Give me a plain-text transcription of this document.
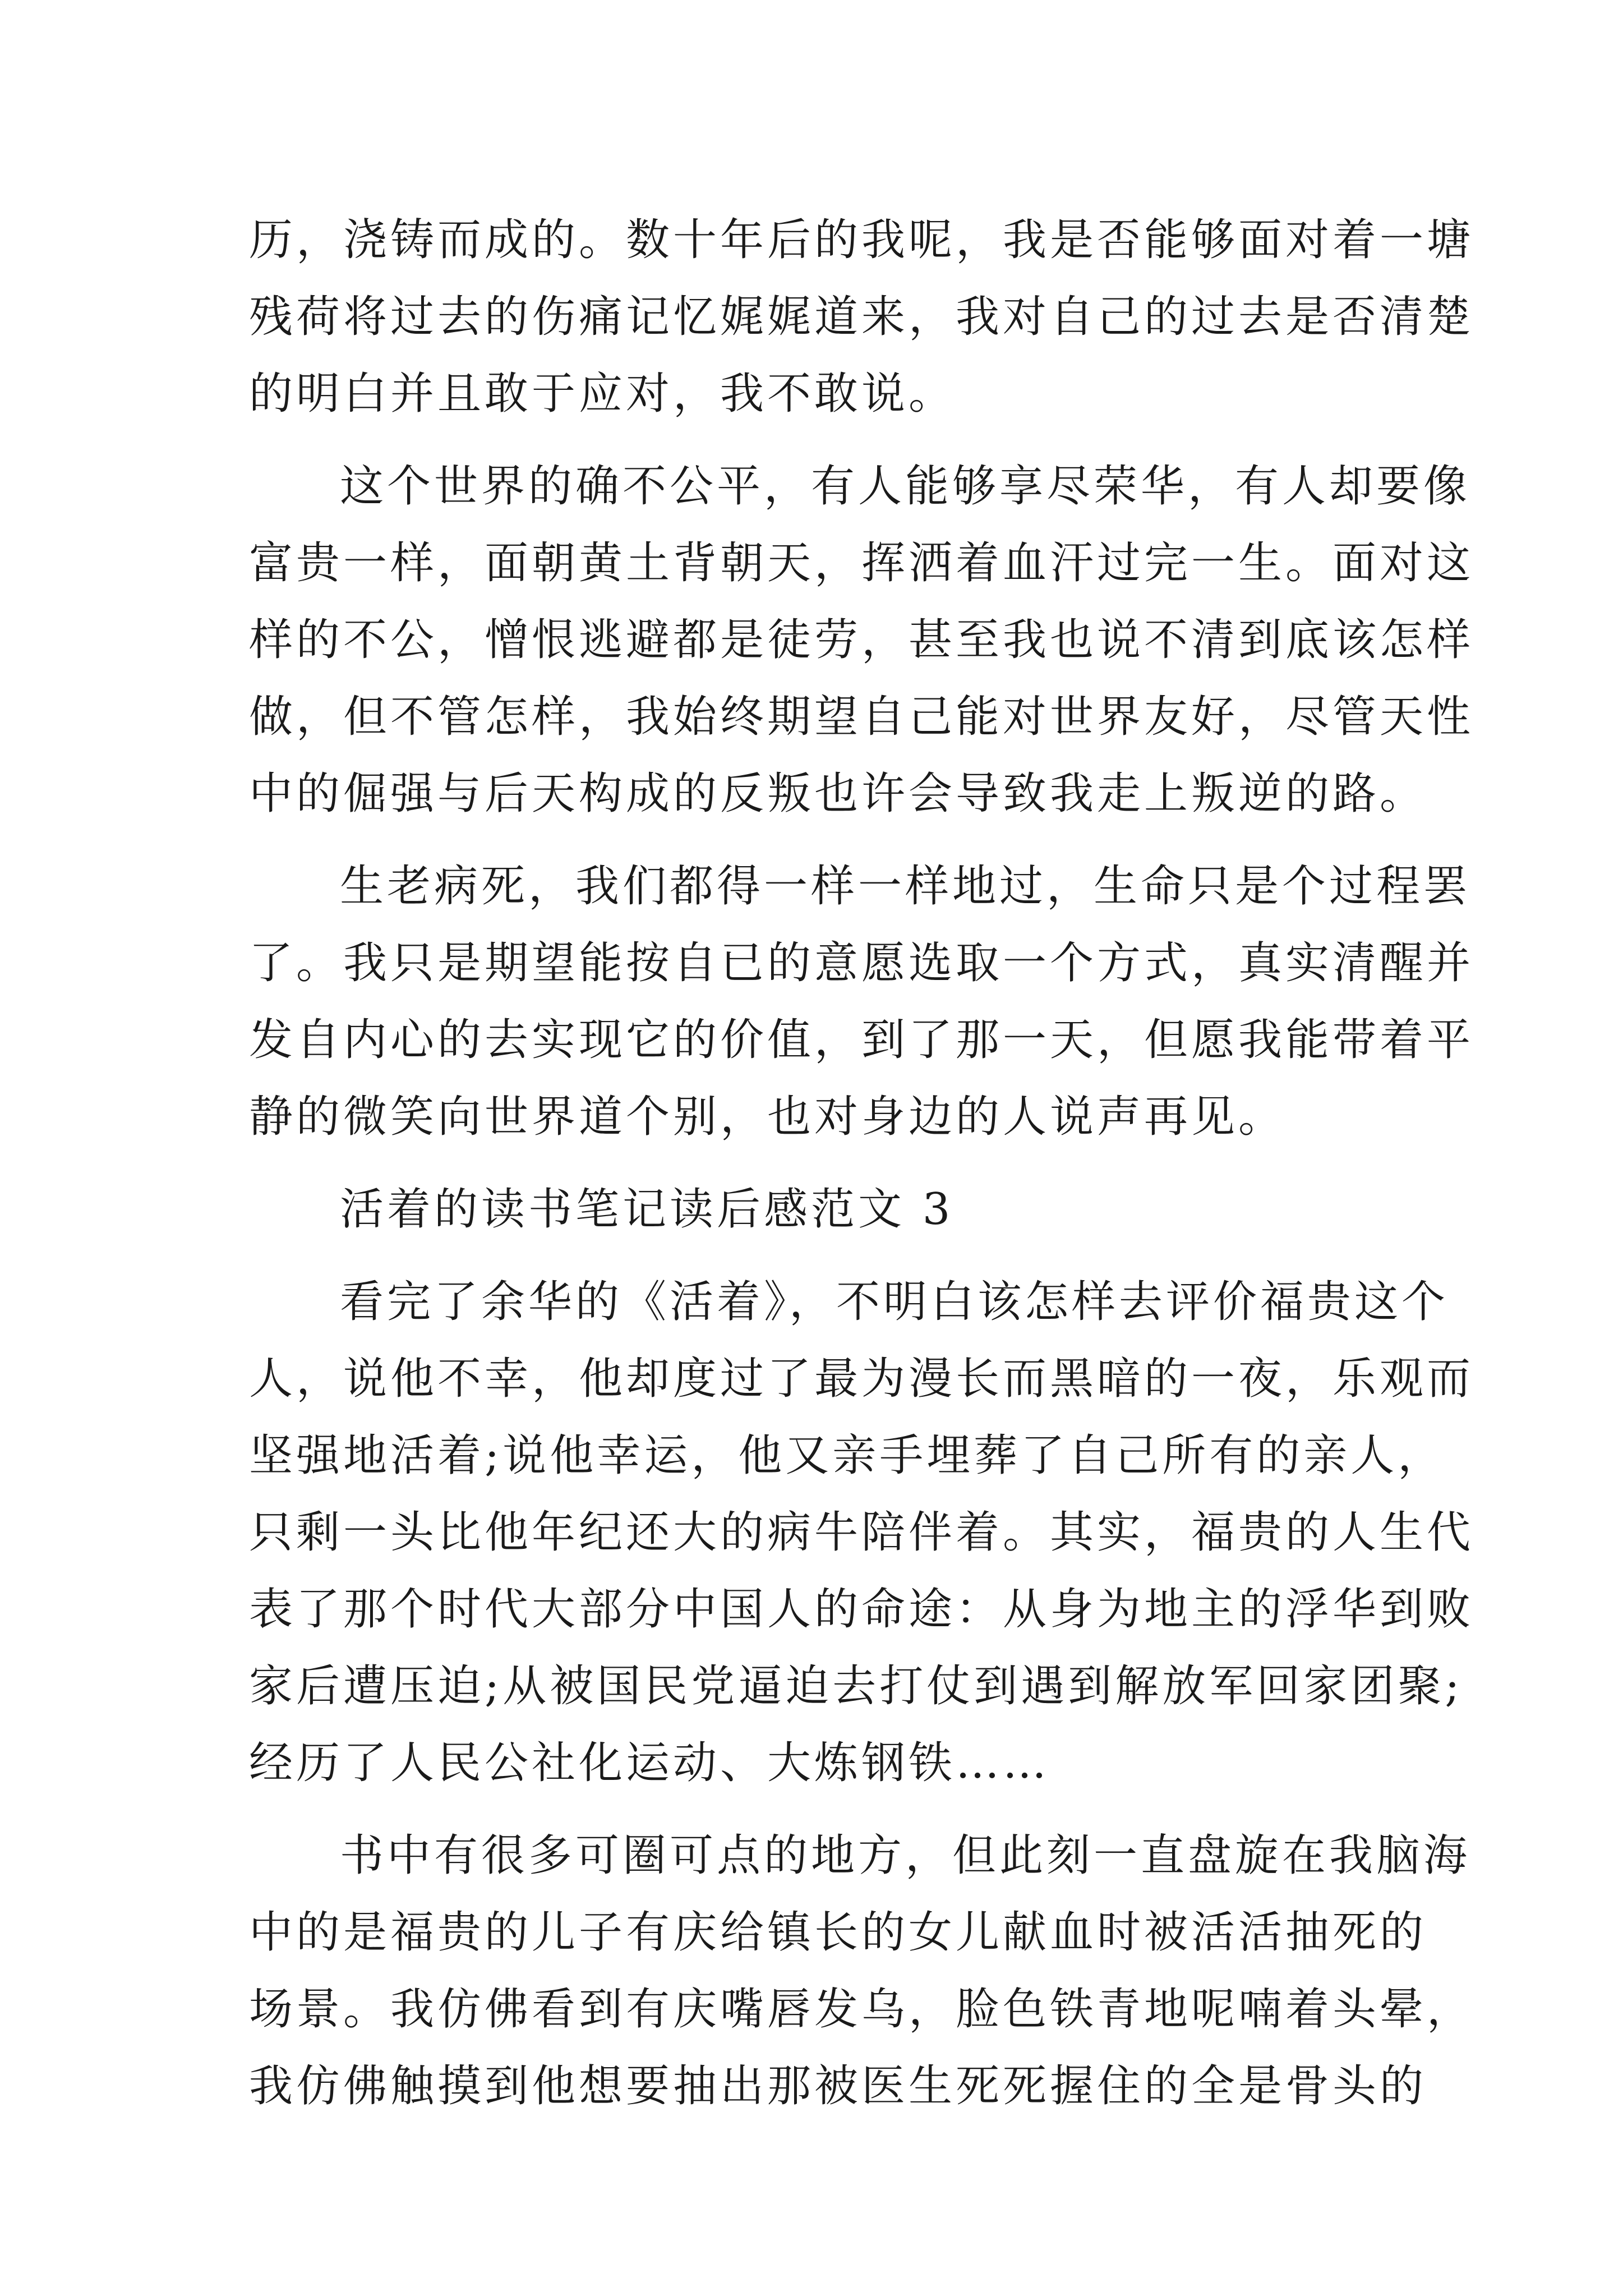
历，浇铸而成的。数十年后的我呢，我是否能够面对着一塘
残荷将过去的伤痛记忆娓娓道来，我对自己的过去是否清楚
的明白并且敢于应对，我不敢说。
这个世界的确不公平，有人能够享尽荣华，有人却要像
富贵一样，面朝黄土背朝天，挥洒着血汗过完一生。面对这
样的不公，憎恨逃避都是徒劳，甚至我也说不清到底该怎样
做，但不管怎样，我始终期望自己能对世界友好，尽管天性
中的倔强与后天构成的反叛也许会导致我走上叛逆的路。
生老病死，我们都得一样一样地过，生命只是个过程罢
了。我只是期望能按自已的意愿选取一个方式，真实清醒并
发自内心的去实现它的价值，到了那一天，但愿我能带着平
静的微笑向世界道个别，也对身边的人说声再见。
活着的读书笔记读后感范文 3
看完了余华的《活着》，不明白该怎样去评价福贵这个
人，说他不幸，他却度过了最为漫长而黑暗的一夜，乐观而
坚强地活着;说他幸运，他又亲手埋葬了自己所有的亲人，
只剩一头比他年纪还大的病牛陪伴着。其实，福贵的人生代
表了那个时代大部分中国人的命途：从身为地主的浮华到败
家后遭压迫;从被国民党逼迫去打仗到遇到解放军回家团聚;
经历了人民公社化运动、大炼钢铁……
书中有很多可圈可点的地方，但此刻一直盘旋在我脑海
中的是福贵的儿子有庆给镇长的女儿献血时被活活抽死的
场景。我仿佛看到有庆嘴唇发乌，脸色铁青地呢喃着头晕，
我仿佛触摸到他想要抽出那被医生死死握住的全是骨头的
